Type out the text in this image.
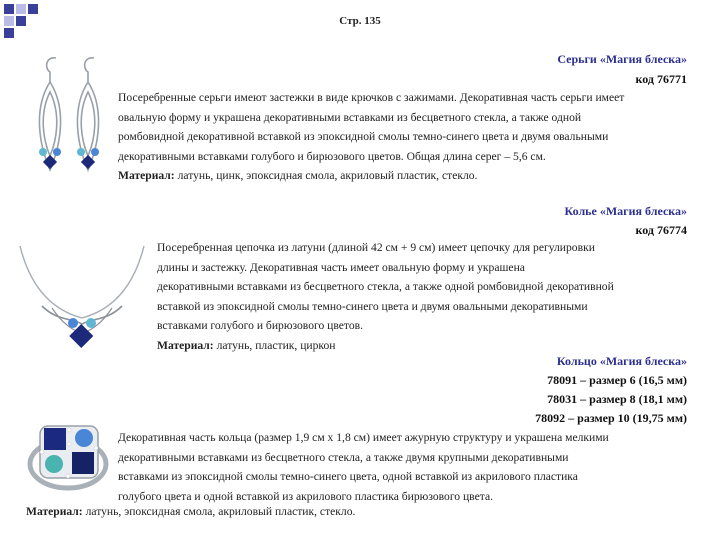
Стр. 135
Серьги «Магия блеска»
код 76771
Посеребренные серьги имеют застежки в виде крючков с зажимами. Декоративная часть серьги имеет
овальную форму и украшена декоративными вставками из бесцветного стекла, а также одной
ромбовидной декоративной вставкой из эпоксидной смолы темно-синего цвета и двумя овальными
декоративными вставками голубого и бирюзового цветов. Общая длина серег – 5,6 см.
Материал: латунь, цинк, эпоксидная смола, акриловый пластик, стекло.
Колье «Магия блеска»
код 76774
Посеребренная цепочка из латуни (длиной 42 см + 9 см) имеет цепочку для регулировки
длины и застежку. Декоративная часть имеет овальную форму и украшена
декоративными вставками из бесцветного стекла, а также одной ромбовидной декоративной
вставкой из эпоксидной смолы темно-синего цвета и двумя овальными декоративными
вставками голубого и бирюзового цветов.
Материал: латунь, пластик, циркон
Кольцо «Магия блеска»
78091 – размер 6 (16,5 мм)
78031 – размер 8 (18,1 мм)
78092 – размер 10 (19,75 мм)
Декоративная часть кольца (размер 1,9 см х 1,8 см) имеет ажурную структуру и украшена мелкими
декоративными вставками из бесцветного стекла, а также двумя крупными декоративными
вставками из эпоксидной смолы темно-синего цвета, одной вставкой из акрилового пластика
голубого цвета и одной вставкой из акрилового пластика бирюзового цвета.
Материал: латунь, эпоксидная смола, акриловый пластик, стекло.
